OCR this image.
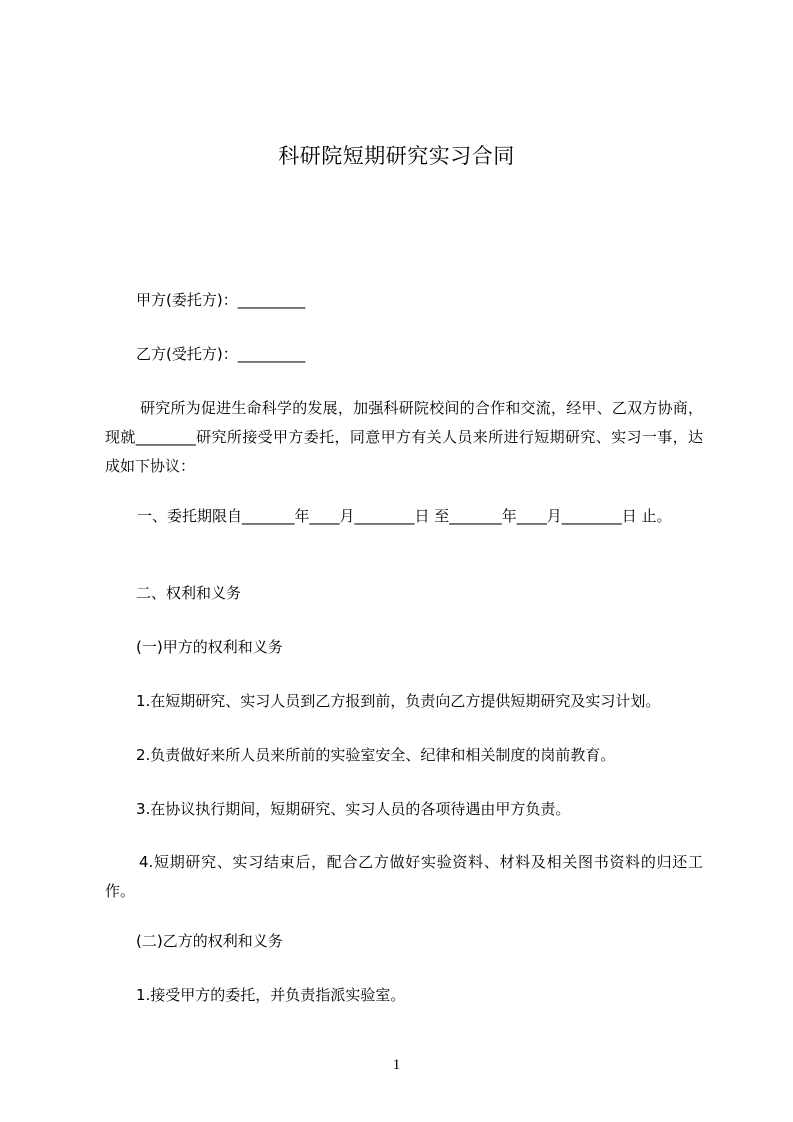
科研院短期研究实习合同
甲方(委托方)：_________
乙方(受托方)：_________
研究所为促进生命科学的发展，加强科研院校间的合作和交流，经甲、乙双方协商，现就________研究所接受甲方委托，同意甲方有关人员来所进行短期研究、实习一事，达成如下协议：
一、委托期限自_______年____月________日 至_______年____月________日 止。
二、权利和义务
(一)甲方的权利和义务
1.在短期研究、实习人员到乙方报到前，负责向乙方提供短期研究及实习计划。
2.负责做好来所人员来所前的实验室安全、纪律和相关制度的岗前教育。
3.在协议执行期间，短期研究、实习人员的各项待遇由甲方负责。
4.短期研究、实习结束后，配合乙方做好实验资料、材料及相关图书资料的归还工作。
(二)乙方的权利和义务
1.接受甲方的委托，并负责指派实验室。
1
